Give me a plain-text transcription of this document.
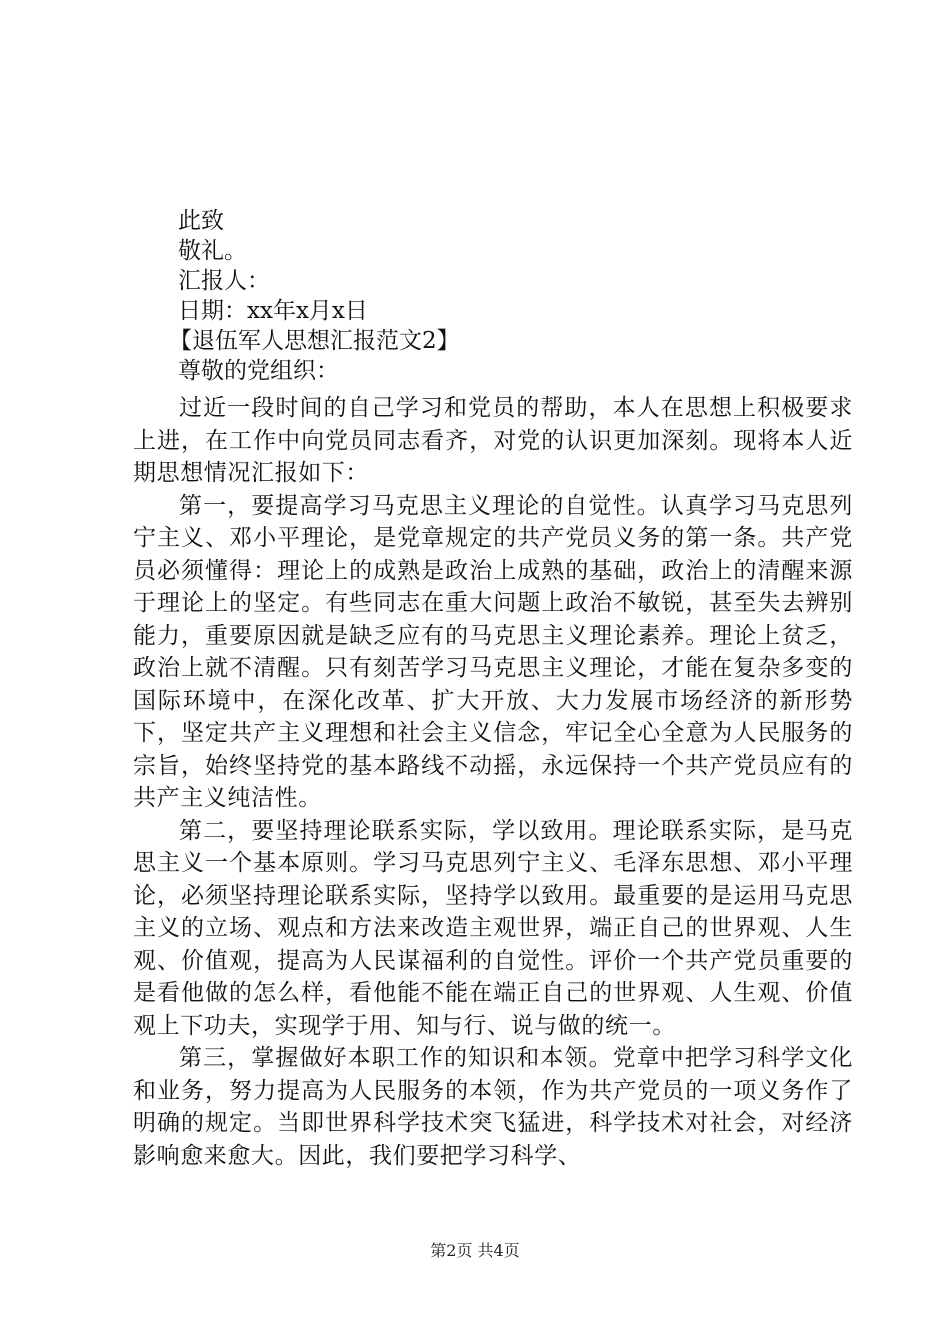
此致
敬礼。
汇报人：
日期：xx年x月x日
【退伍军人思想汇报范文2】
尊敬的党组织：

过近一段时间的自己学习和党员的帮助，本人在思想上积极要求上进，在工作中向党员同志看齐，对党的认识更加深刻。现将本人近期思想情况汇报如下：

第一，要提高学习马克思主义理论的自觉性。认真学习马克思列宁主义、邓小平理论，是党章规定的共产党员义务的第一条。共产党员必须懂得：理论上的成熟是政治上成熟的基础，政治上的清醒来源于理论上的坚定。有些同志在重大问题上政治不敏锐，甚至失去辨别能力，重要原因就是缺乏应有的马克思主义理论素养。理论上贫乏，政治上就不清醒。只有刻苦学习马克思主义理论，才能在复杂多变的国际环境中，在深化改革、扩大开放、大力发展市场经济的新形势下，坚定共产主义理想和社会主义信念，牢记全心全意为人民服务的宗旨，始终坚持党的基本路线不动摇，永远保持一个共产党员应有的共产主义纯洁性。

第二，要坚持理论联系实际，学以致用。理论联系实际，是马克思主义一个基本原则。学习马克思列宁主义、毛泽东思想、邓小平理论，必须坚持理论联系实际，坚持学以致用。最重要的是运用马克思主义的立场、观点和方法来改造主观世界，端正自己的世界观、人生观、价值观，提高为人民谋福利的自觉性。评价一个共产党员重要的是看他做的怎么样，看他能不能在端正自己的世界观、人生观、价值观上下功夫，实现学于用、知与行、说与做的统一。

第三，掌握做好本职工作的知识和本领。党章中把学习科学文化和业务，努力提高为人民服务的本领，作为共产党员的一项义务作了明确的规定。当即世界科学技术突飞猛进，科学技术对社会，对经济影响愈来愈大。因此，我们要把学习科学、

第2页 共4页
